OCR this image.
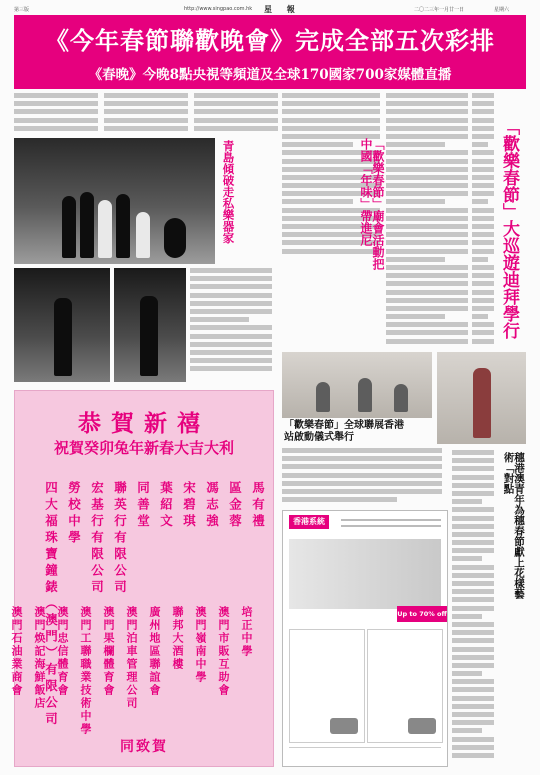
第三版	http://www.singpao.com.hk 星 報	二〇二三年一月廿一日	星期六
《今年春節聯歡晚會》完成全部五次彩排
《春晚》今晚8點央視等頻道及全球170國家700家媒體直播
青島傾破走私樂器家	「歡樂春節」廟會活動把中國「年味」帶進尼	「歡樂春節」大巡遊迪拜學行
「歡樂春節」全球聯展香港站啟動儀式舉行
穗港澳青年為穗春節獻上花樣藝術「對點
恭賀新禧
祝賀癸卯兔年新春大吉大利
馬有禮
培正中學
區金蓉
澳門市販互助會
馮志強
澳門嶺南中學
宋碧琪
聯邦大酒樓
葉紹文
廣州地區聯誼會
同善堂
澳門泊車管理公司
聯英行有限公司
澳門果欄體育會
宏基行有限公司
澳門工聯職業技術中學
勞校中學
澳門忠信體育會
四大福珠寶鐘錶（澳門）有限公司
澳門焕記海鮮飯店
澳門石油業商會
同致賀
香港系統
Up to 70% off
